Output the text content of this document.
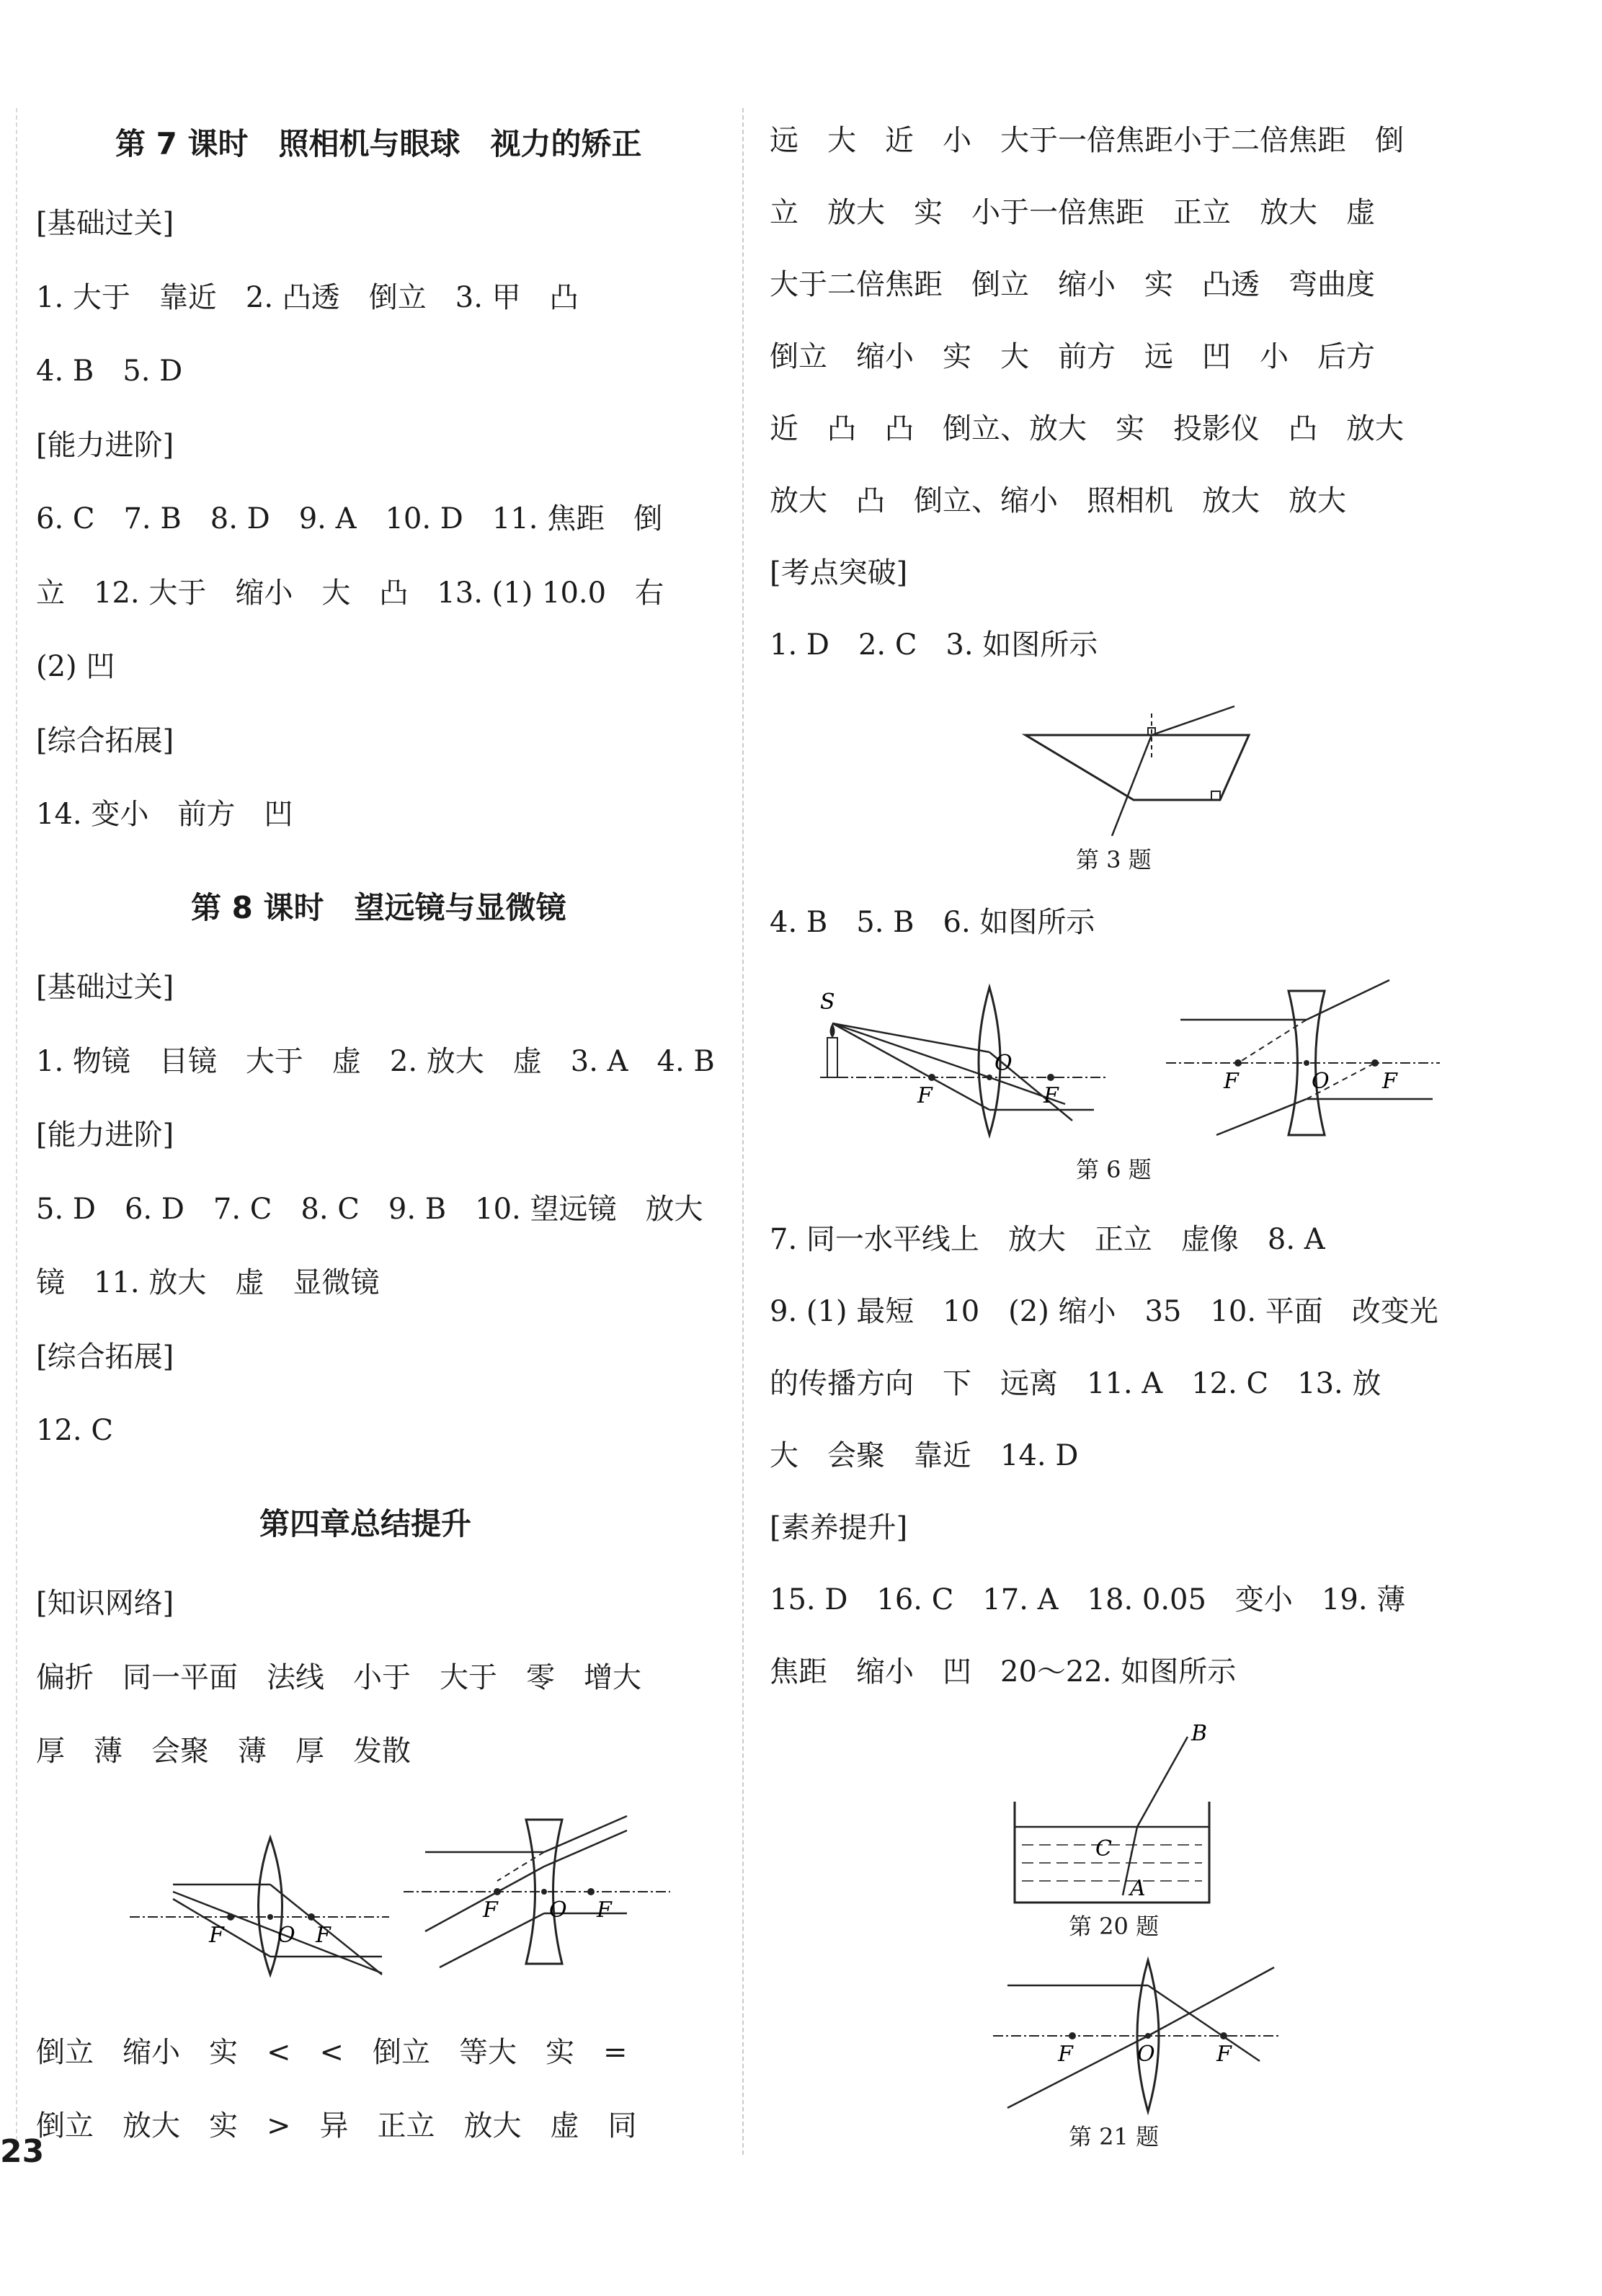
第 7 课时　照相机与眼球　视力的矫正
[基础过关]
1. 大于　靠近　2. 凸透　倒立　3. 甲　凸
4. B　5. D
[能力进阶]
6. C　7. B　8. D　9. A　10. D　11. 焦距　倒
立　12. 大于　缩小　大　凸　13. (1) 10.0　右
(2) 凹
[综合拓展]
14. 变小　前方　凹
第 8 课时　望远镜与显微镜
[基础过关]
1. 物镜　目镜　大于　虚　2. 放大　虚　3. A　4. B
[能力进阶]
5. D　6. D　7. C　8. C　9. B　10. 望远镜　放大
镜　11. 放大　虚　显微镜
[综合拓展]
12. C
第四章总结提升
[知识网络]
偏折　同一平面　法线　小于　大于　零　增大
厚　薄　会聚　薄　厚　发散
F O F
F O F
倒立　缩小　实　<　<　倒立　等大　实　=
倒立　放大　实　>　异　正立　放大　虚　同
远　大　近　小　大于一倍焦距小于二倍焦距　倒
立　放大　实　小于一倍焦距　正立　放大　虚
大于二倍焦距　倒立　缩小　实　凸透　弯曲度
倒立　缩小　实　大　前方　远　凹　小　后方
近　凸　凸　倒立、放大　实　投影仪　凸　放大
放大　凸　倒立、缩小　照相机　放大　放大
[考点突破]
1. D　2. C　3. 如图所示
第 3 题
4. B　5. B　6. 如图所示
S
F
O
F
F	O F
第 6 题
7. 同一水平线上　放大　正立　虚像　8. A
9. (1) 最短　10　(2) 缩小　35　10. 平面　改变光
的传播方向　下　远离　11. A　12. C　13. 放
大　会聚　靠近　14. D
[素养提升]
15. D　16. C　17. A　18. 0.05　变小　19. 薄
焦距　缩小　凹　20～22. 如图所示
B
C
A
第 20 题
F	O	F
第 21 题
23
